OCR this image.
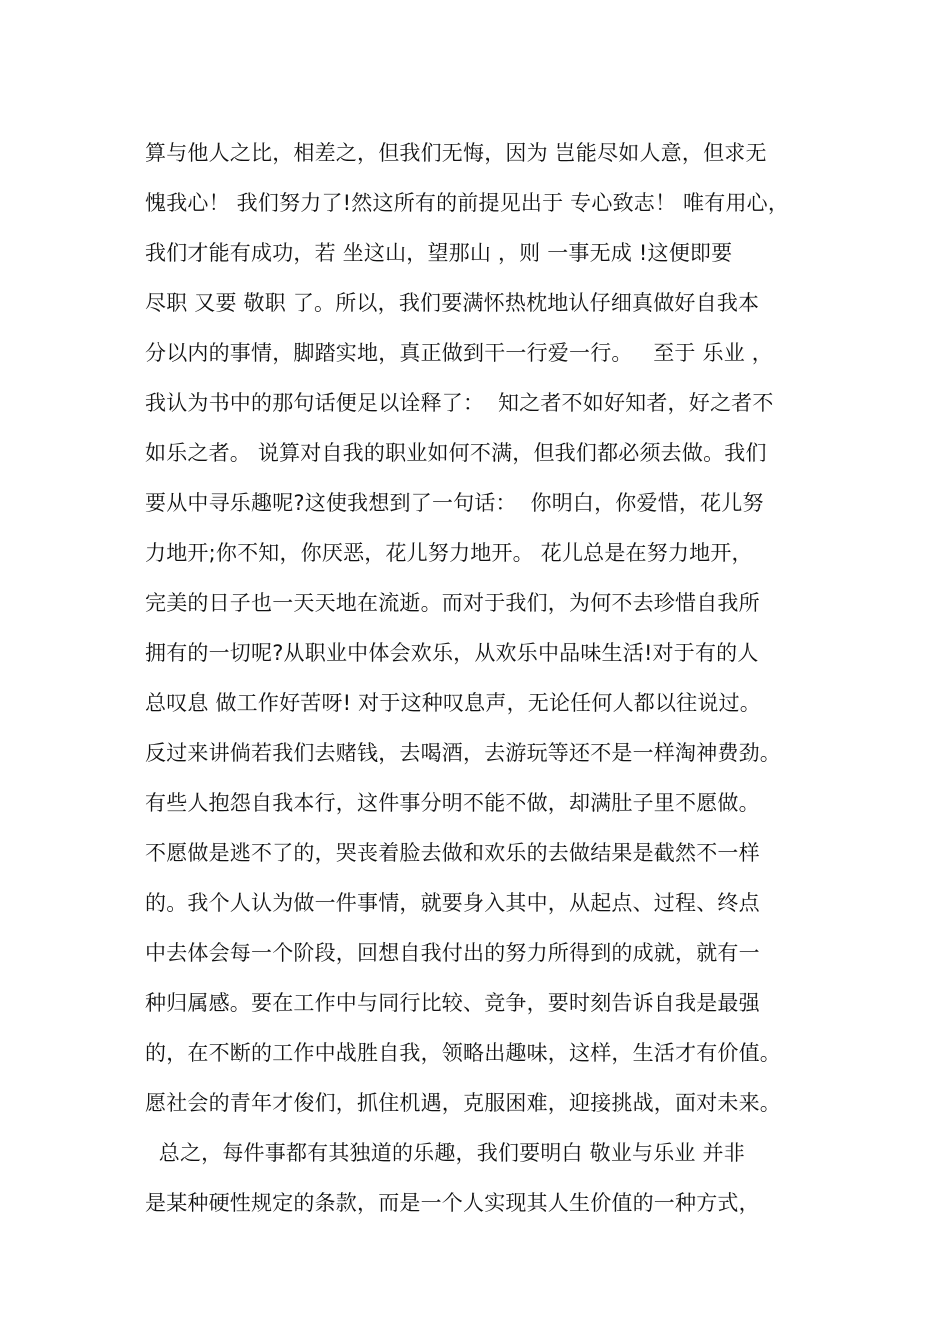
算与他人之比，相差之，但我们无悔，因为 岂能尽如人意，但求无
愧我心！ 我们努力了!然这所有的前提见出于 专心致志！ 唯有用心，
我们才能有成功，若 坐这山，望那山 ，则 一事无成 !这便即要
尽职 又要 敬职 了。所以，我们要满怀热枕地认仔细真做好自我本
分以内的事情，脚踏实地，真正做到干一行爱一行。   至于 乐业 ，
我认为书中的那句话便足以诠释了：  知之者不如好知者，好之者不
如乐之者。 说算对自我的职业如何不满，但我们都必须去做。我们
要从中寻乐趣呢?这使我想到了一句话：  你明白，你爱惜，花儿努
力地开;你不知，你厌恶，花儿努力地开。 花儿总是在努力地开，
完美的日子也一天天地在流逝。而对于我们，为何不去珍惜自我所
拥有的一切呢?从职业中体会欢乐，从欢乐中品味生活!对于有的人
总叹息 做工作好苦呀! 对于这种叹息声，无论任何人都以往说过。
反过来讲倘若我们去赌钱，去喝酒，去游玩等还不是一样淘神费劲。
有些人抱怨自我本行，这件事分明不能不做，却满肚子里不愿做。
不愿做是逃不了的，哭丧着脸去做和欢乐的去做结果是截然不一样
的。我个人认为做一件事情，就要身入其中，从起点、过程、终点
中去体会每一个阶段，回想自我付出的努力所得到的成就，就有一
种归属感。要在工作中与同行比较、竞争，要时刻告诉自我是最强
的，在不断的工作中战胜自我，领略出趣味，这样，生活才有价值。
愿社会的青年才俊们，抓住机遇，克服困难，迎接挑战，面对未来。
总之，每件事都有其独道的乐趣，我们要明白 敬业与乐业 并非
是某种硬性规定的条款，而是一个人实现其人生价值的一种方式，
